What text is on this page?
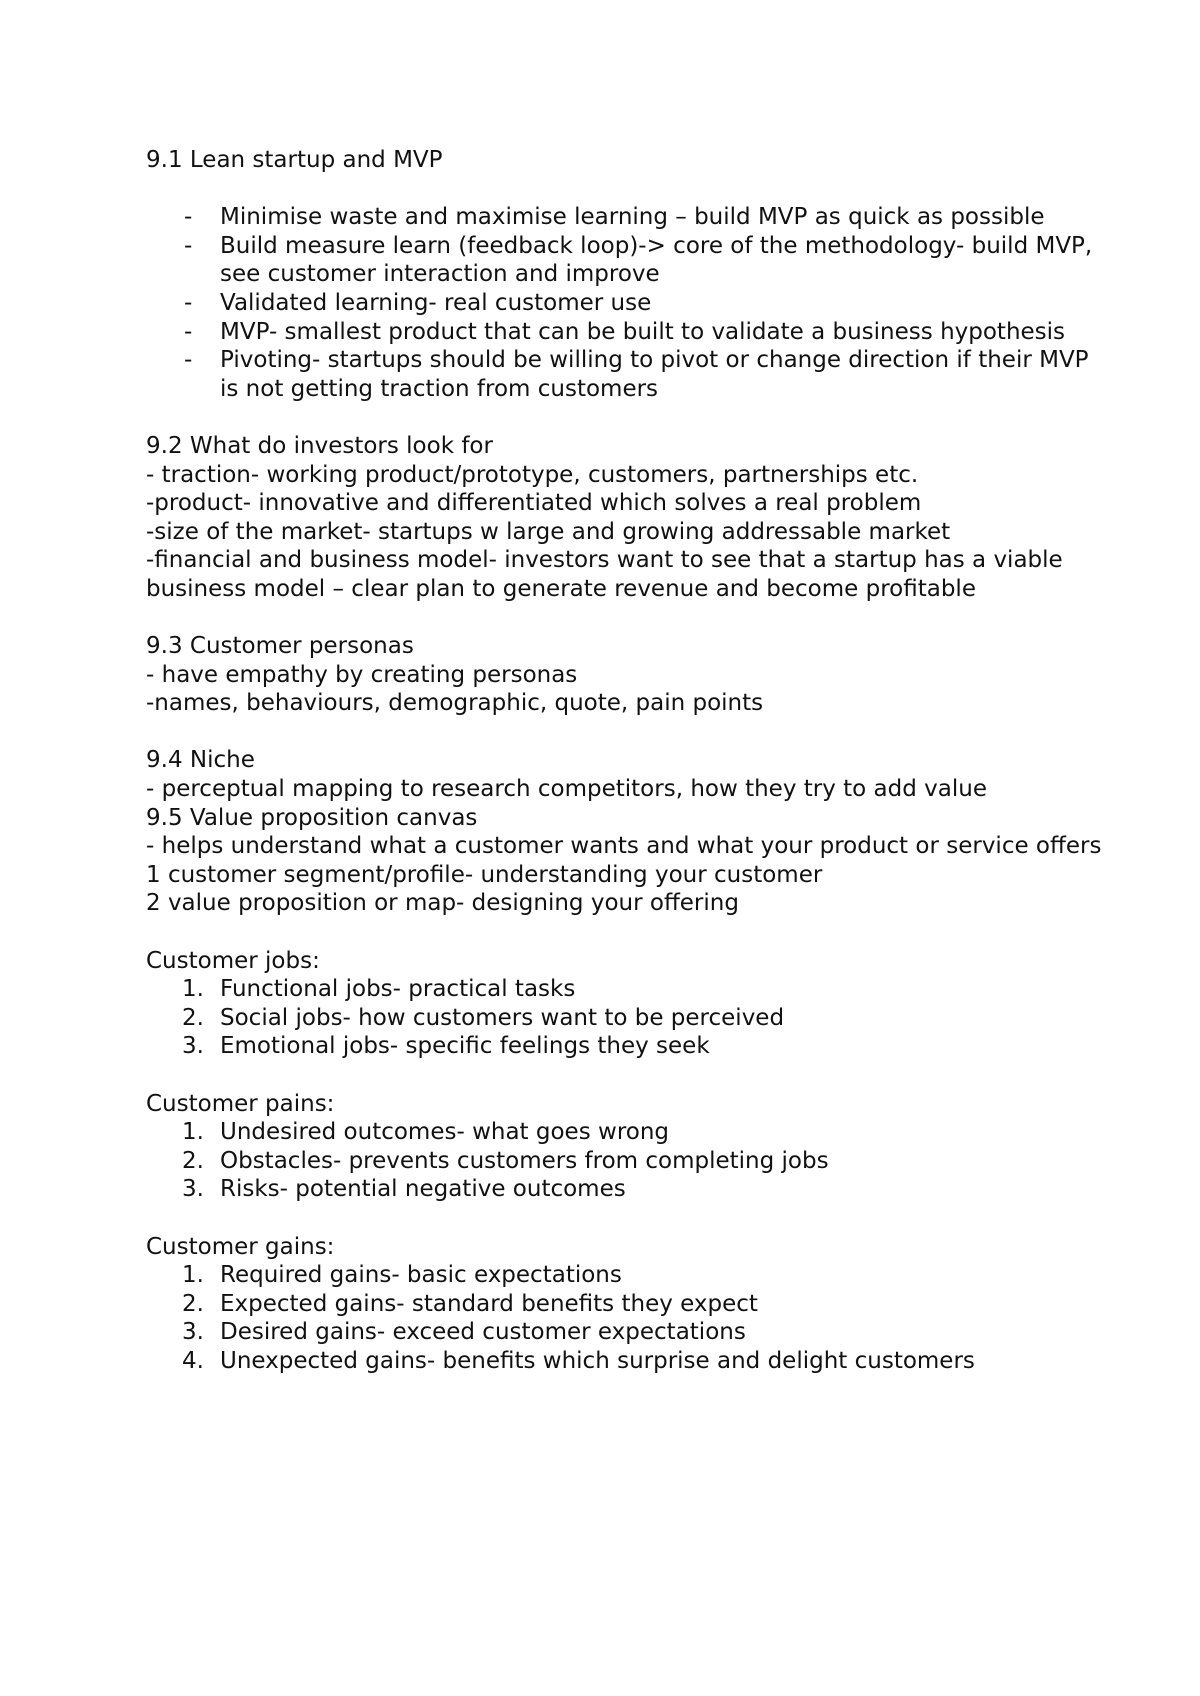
9.1 Lean startup and MVP
- Minimise waste and maximise learning – build MVP as quick as possible
- Build measure learn (feedback loop)-> core of the methodology- build MVP, see customer interaction and improve
- Validated learning- real customer use
- MVP- smallest product that can be built to validate a business hypothesis
- Pivoting- startups should be willing to pivot or change direction if their MVP is not getting traction from customers
9.2 What do investors look for
- traction- working product/prototype, customers, partnerships etc.
-product- innovative and differentiated which solves a real problem
-size of the market- startups w large and growing addressable market
-financial and business model- investors want to see that a startup has a viable business model – clear plan to generate revenue and become profitable
9.3 Customer personas
- have empathy by creating personas
-names, behaviours, demographic, quote, pain points
9.4 Niche
- perceptual mapping to research competitors, how they try to add value
9.5 Value proposition canvas
- helps understand what a customer wants and what your product or service offers
1 customer segment/profile- understanding your customer
2 value proposition or map- designing your offering
Customer jobs:
1. Functional jobs- practical tasks
2. Social jobs- how customers want to be perceived
3. Emotional jobs- specific feelings they seek
Customer pains:
1. Undesired outcomes- what goes wrong
2. Obstacles- prevents customers from completing jobs
3. Risks- potential negative outcomes
Customer gains:
1. Required gains- basic expectations
2. Expected gains- standard benefits they expect
3. Desired gains- exceed customer expectations
4. Unexpected gains- benefits which surprise and delight customers
